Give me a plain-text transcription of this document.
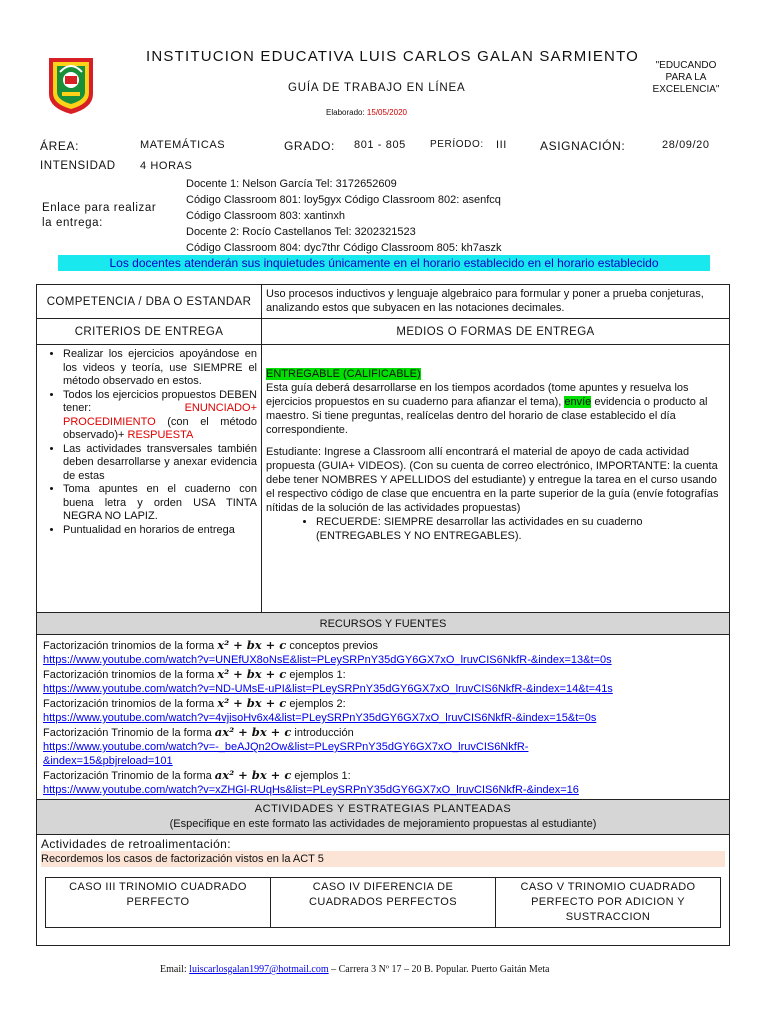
INSTITUCION EDUCATIVA LUIS CARLOS GALAN SARMIENTO
GUÍA DE TRABAJO EN LÍNEA
Elaborado: 15/05/2020
"EDUCANDO PARA LA EXCELENCIA"
ÁREA:	MATEMÁTICAS	GRADO: 801 - 805 PERÍODO: III	ASIGNACIÓN:	28/09/20
INTENSIDAD 4 HORAS
Enlace para realizar
la entrega:
Docente 1: Nelson García Tel: 3172652609
Código Classroom 801: loy5gyx Código Classroom 802: asenfcq
Código Classroom 803: xantinxh
Docente 2: Rocío Castellanos Tel: 3202321523
Código Classroom 804: dyc7thr Código Classroom 805: kh7aszk
Los docentes atenderán sus inquietudes únicamente en el horario establecido en el horario establecido
COMPETENCIA / DBA O ESTANDAR	Uso procesos inductivos y lenguaje algebraico para formular y poner a prueba conjeturas, analizando estos que subyacen en las notaciones decimales.
CRITERIOS DE ENTREGA	MEDIOS O FORMAS DE ENTREGA

• Realizar los ejercicios apoyándose en los videos y teoría, use SIEMPRE el método observado en estos.
• Todos los ejercicios propuestos DEBEN tener: ENUNCIADO+ PROCEDIMIENTO (con el método observado)+ RESPUESTA
• Las actividades transversales también deben desarrollarse y anexar evidencia de estas
• Toma apuntes en el cuaderno con buena letra y orden USA TINTA NEGRA NO LAPIZ.
• Puntualidad en horarios de entrega

ENTREGABLE (CALIFICABLE)
Esta guía deberá desarrollarse en los tiempos acordados (tome apuntes y resuelva los ejercicios propuestos en su cuaderno para afianzar el tema), envíe evidencia o producto al maestro. Si tiene preguntas, realícelas dentro del horario de clase establecido el día correspondiente.
Estudiante: Ingrese a Classroom allí encontrará el material de apoyo de cada actividad propuesta (GUIA+ VIDEOS). (Con su cuenta de correo electrónico, IMPORTANTE: la cuenta debe tener NOMBRES Y APELLIDOS del estudiante) y entregue la tarea en el curso usando el respectivo código de clase que encuentra en la parte superior de la guía (envíe fotografías nítidas de la solución de las actividades propuestas)
• RECUERDE: SIEMPRE desarrollar las actividades en su cuaderno (ENTREGABLES Y NO ENTREGABLES).

RECURSOS Y FUENTES

Factorización trinomios de la forma x² + bx + c conceptos previos
https://www.youtube.com/watch?v=UNEfUX8oNsE&list=PLeySRPnY35dGY6GX7xO_lruvCIS6NkfR-&index=13&t=0s
Factorización trinomios de la forma x² + bx + c ejemplos 1:
https://www.youtube.com/watch?v=ND-UMsE-uPI&list=PLeySRPnY35dGY6GX7xO_lruvCIS6NkfR-&index=14&t=41s
Factorización trinomios de la forma x² + bx + c ejemplos 2:
https://www.youtube.com/watch?v=4vjisoHv6x4&list=PLeySRPnY35dGY6GX7xO_lruvCIS6NkfR-&index=15&t=0s
Factorización Trinomio de la forma ax² + bx + c introducción
https://www.youtube.com/watch?v=-_beAJQn2Ow&list=PLeySRPnY35dGY6GX7xO_lruvCIS6NkfR-
&index=15&pbjreload=101
Factorización Trinomio de la forma ax² + bx + c ejemplos 1:
https://www.youtube.com/watch?v=xZHGl-RUqHs&list=PLeySRPnY35dGY6GX7xO_lruvCIS6NkfR-&index=16

ACTIVIDADES Y ESTRATEGIAS PLANTEADAS
(Especifique en este formato las actividades de mejoramiento propuestas al estudiante)

Actividades de retroalimentación:
Recordemos los casos de factorización vistos en la ACT 5
CASO III TRINOMIO CUADRADO PERFECTO	CASO IV DIFERENCIA DE CUADRADOS PERFECTOS	CASO V TRINOMIO CUADRADO PERFECTO POR ADICION Y SUSTRACCION
Email: luiscarlosgalan1997@hotmail.com – Carrera 3 Nº 17 – 20 B. Popular. Puerto Gaitán Meta
